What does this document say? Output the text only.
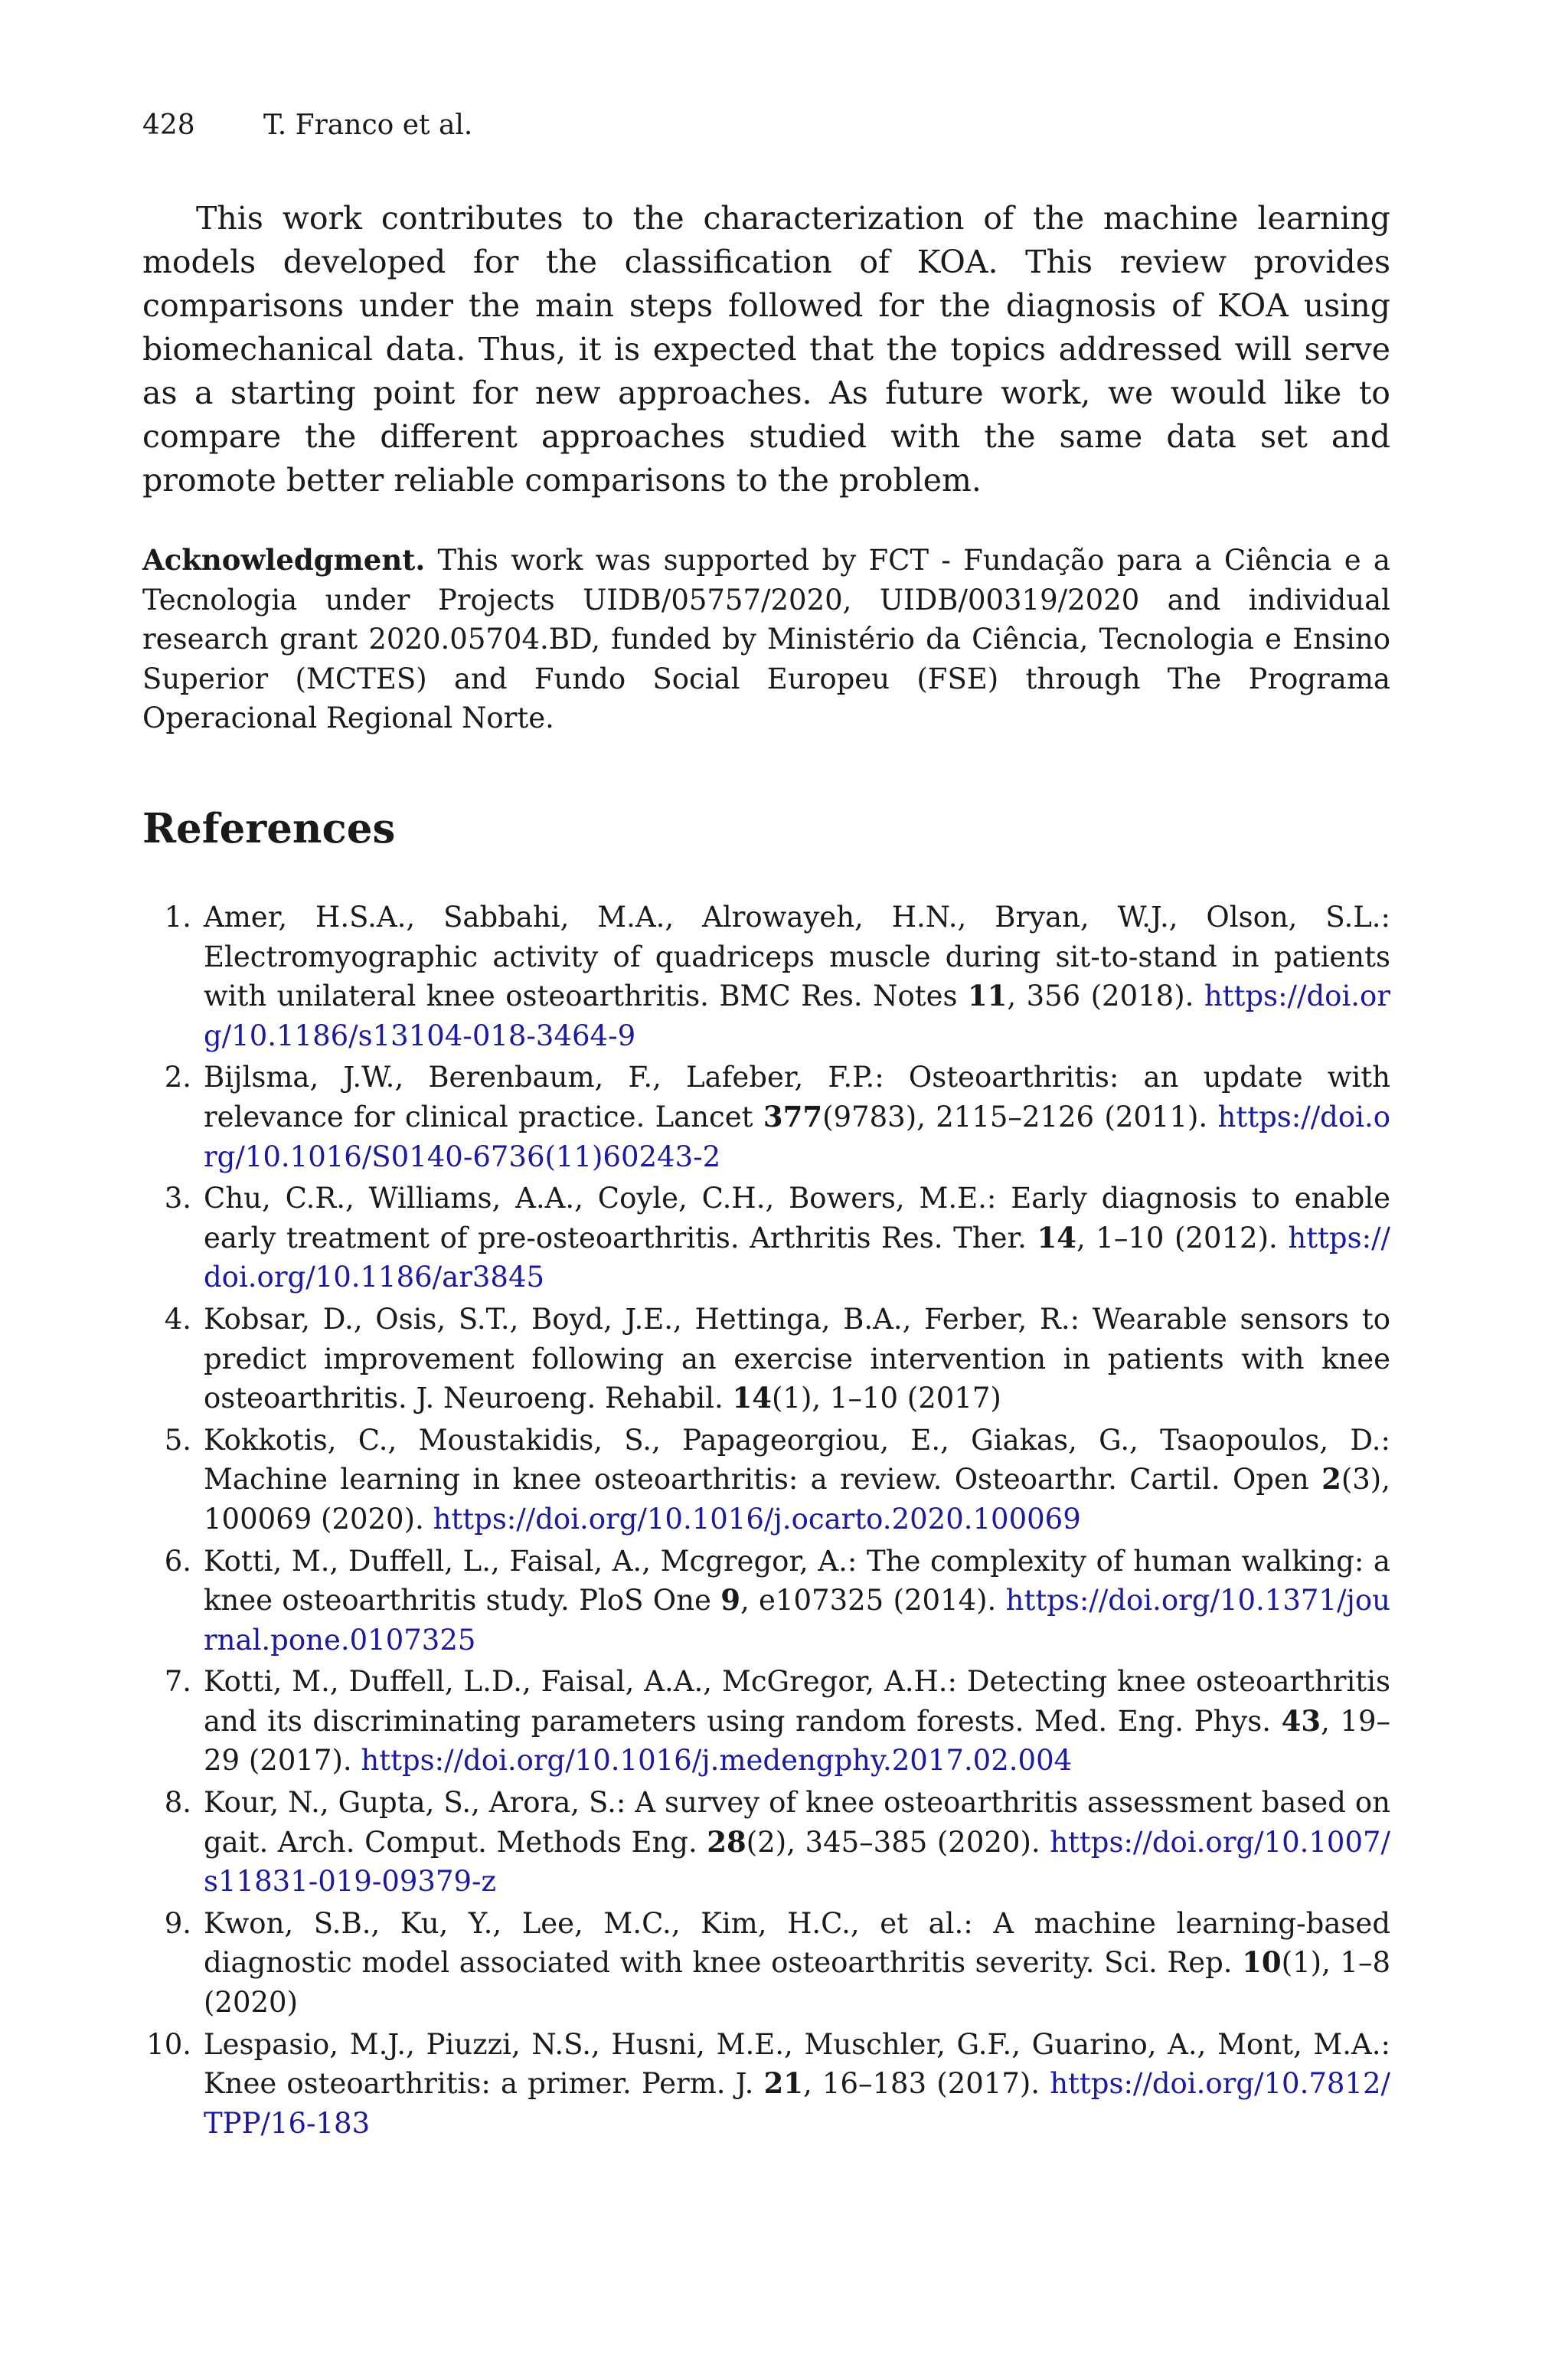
428 T. Franco et al.

This work contributes to the characterization of the machine learning models developed for the classification of KOA. This review provides comparisons under the main steps followed for the diagnosis of KOA using biomechanical data. Thus, it is expected that the topics addressed will serve as a starting point for new approaches. As future work, we would like to compare the different approaches studied with the same data set and promote better reliable comparisons to the problem.

Acknowledgment. This work was supported by FCT - Fundação para a Ciência e a Tecnologia under Projects UIDB/05757/2020, UIDB/00319/2020 and individual research grant 2020.05704.BD, funded by Ministério da Ciência, Tecnologia e Ensino Superior (MCTES) and Fundo Social Europeu (FSE) through The Programa Operacional Regional Norte.

References
1. Amer, H.S.A., Sabbahi, M.A., Alrowayeh, H.N., Bryan, W.J., Olson, S.L.: Electromyographic activity of quadriceps muscle during sit-to-stand in patients with unilateral knee osteoarthritis. BMC Res. Notes 11, 356 (2018). https://doi.org/10.1186/s13104-018-3464-9
2. Bijlsma, J.W., Berenbaum, F., Lafeber, F.P.: Osteoarthritis: an update with relevance for clinical practice. Lancet 377(9783), 2115–2126 (2011). https://doi.org/10.1016/S0140-6736(11)60243-2
3. Chu, C.R., Williams, A.A., Coyle, C.H., Bowers, M.E.: Early diagnosis to enable early treatment of pre-osteoarthritis. Arthritis Res. Ther. 14, 1–10 (2012). https://doi.org/10.1186/ar3845
4. Kobsar, D., Osis, S.T., Boyd, J.E., Hettinga, B.A., Ferber, R.: Wearable sensors to predict improvement following an exercise intervention in patients with knee osteoarthritis. J. Neuroeng. Rehabil. 14(1), 1–10 (2017)
5. Kokkotis, C., Moustakidis, S., Papageorgiou, E., Giakas, G., Tsaopoulos, D.: Machine learning in knee osteoarthritis: a review. Osteoarthr. Cartil. Open 2(3), 100069 (2020). https://doi.org/10.1016/j.ocarto.2020.100069
6. Kotti, M., Duffell, L., Faisal, A., Mcgregor, A.: The complexity of human walking: a knee osteoarthritis study. PloS One 9, e107325 (2014). https://doi.org/10.1371/journal.pone.0107325
7. Kotti, M., Duffell, L.D., Faisal, A.A., McGregor, A.H.: Detecting knee osteoarthritis and its discriminating parameters using random forests. Med. Eng. Phys. 43, 19–29 (2017). https://doi.org/10.1016/j.medengphy.2017.02.004
8. Kour, N., Gupta, S., Arora, S.: A survey of knee osteoarthritis assessment based on gait. Arch. Comput. Methods Eng. 28(2), 345–385 (2020). https://doi.org/10.1007/s11831-019-09379-z
9. Kwon, S.B., Ku, Y., Lee, M.C., Kim, H.C., et al.: A machine learning-based diagnostic model associated with knee osteoarthritis severity. Sci. Rep. 10(1), 1–8 (2020)
10. Lespasio, M.J., Piuzzi, N.S., Husni, M.E., Muschler, G.F., Guarino, A., Mont, M.A.: Knee osteoarthritis: a primer. Perm. J. 21, 16–183 (2017). https://doi.org/10.7812/TPP/16-183
